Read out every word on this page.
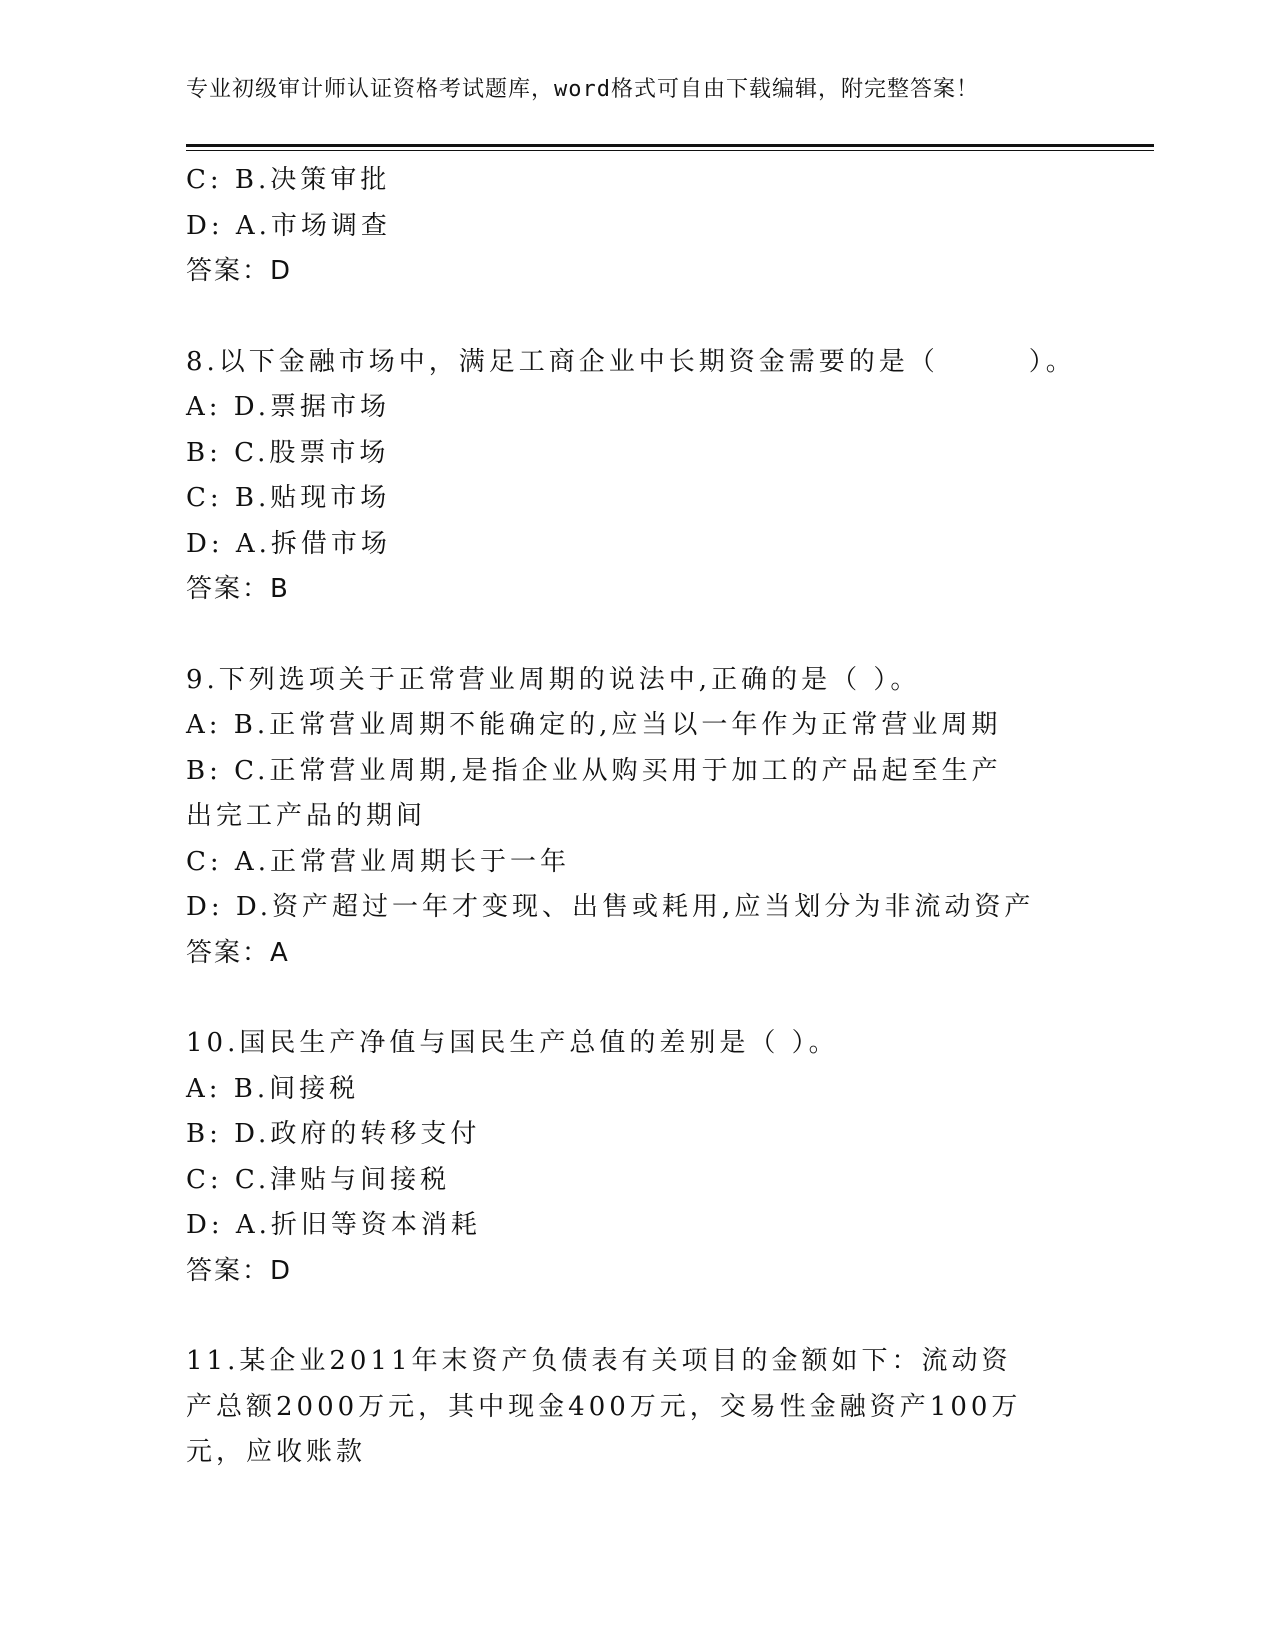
专业初级审计师认证资格考试题库，word格式可自由下载编辑，附完整答案！
C: B.决策审批
D: A.市场调查
答案：D
8.以下金融市场中，满足工商企业中长期资金需要的是（　　　）。
A: D.票据市场
B: C.股票市场
C: B.贴现市场
D: A.拆借市场
答案：B
9.下列选项关于正常营业周期的说法中,正确的是（ ）。
A: B.正常营业周期不能确定的,应当以一年作为正常营业周期
B: C.正常营业周期,是指企业从购买用于加工的产品起至生产出完工产品的期间
C: A.正常营业周期长于一年
D: D.资产超过一年才变现、出售或耗用,应当划分为非流动资产
答案：A
10.国民生产净值与国民生产总值的差别是（ ）。
A: B.间接税
B: D.政府的转移支付
C: C.津贴与间接税
D: A.折旧等资本消耗
答案：D
11.某企业2011年末资产负债表有关项目的金额如下：流动资产总额2000万元，其中现金400万元，交易性金融资产100万元，应收账款
